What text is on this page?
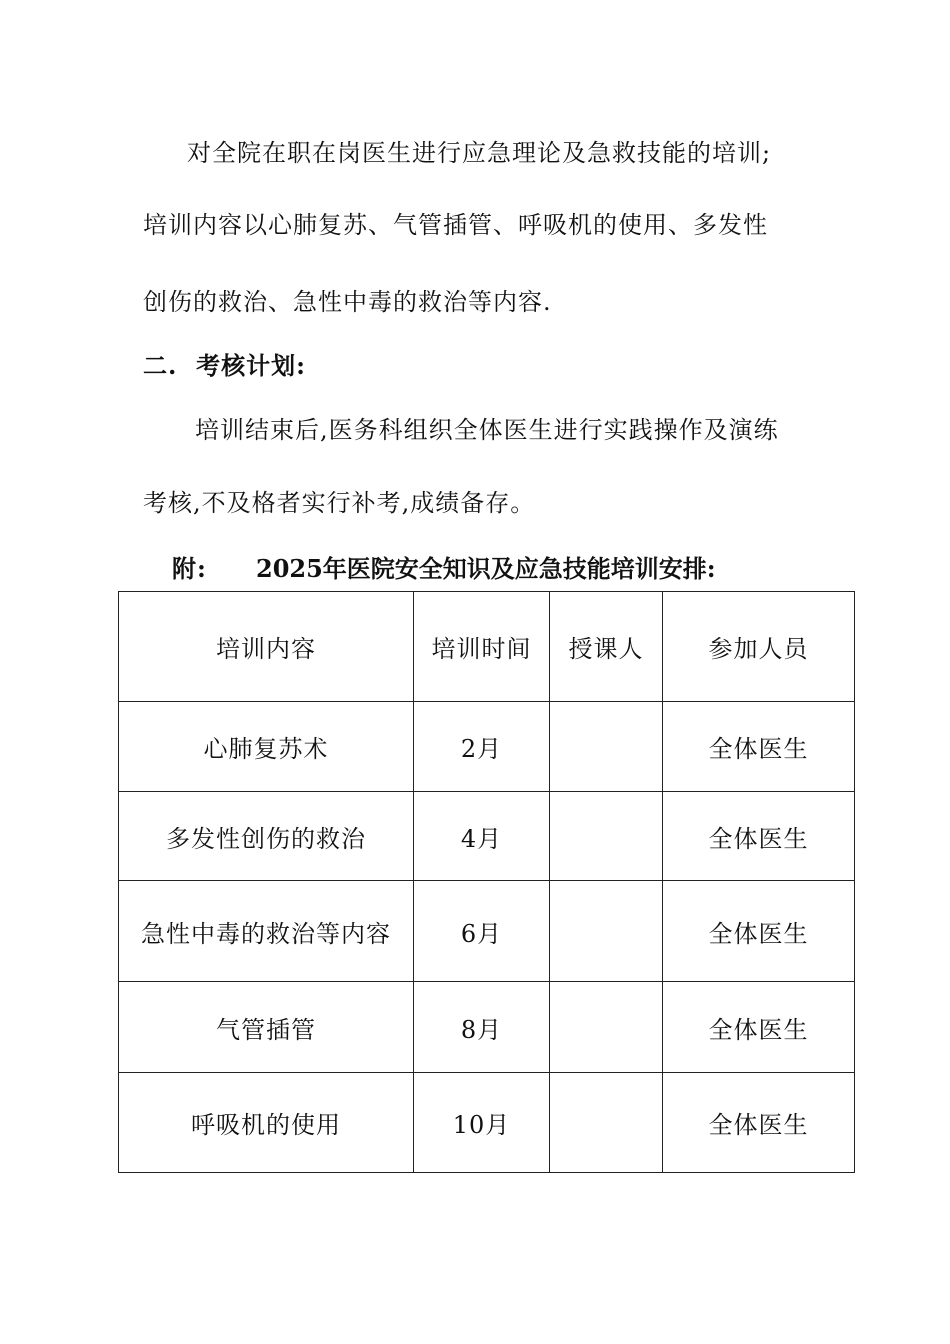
对全院在职在岗医生进行应急理论及急救技能的培训;
培训内容以心肺复苏、气管插管、呼吸机的使用、多发性
创伤的救治、急性中毒的救治等内容.
二.  考核计划:
培训结束后,医务科组织全体医生进行实践操作及演练
考核,不及格者实行补考,成绩备存。
附: 2025年医院安全知识及应急技能培训安排:
培训内容	培训时间	授课人	参加人员
心肺复苏术	2月		全体医生
多发性创伤的救治	4月		全体医生
急性中毒的救治等内容	6月		全体医生
气管插管	8月		全体医生
呼吸机的使用	10月		全体医生
